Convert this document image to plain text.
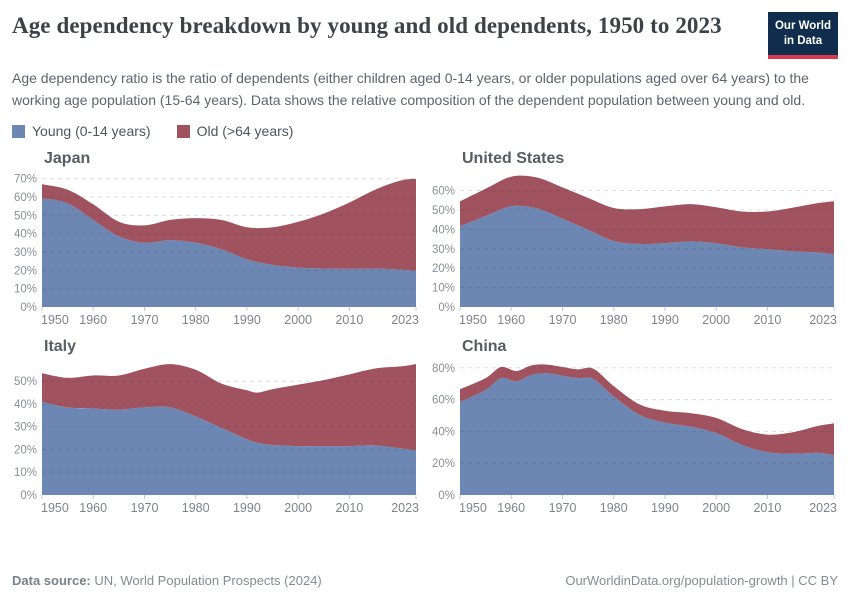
Age dependency breakdown by young and old dependents, 1950 to 2023	Our World
in Data

Age dependency ratio is the ratio of dependents (either children aged 0-14 years, or older populations aged over 64 years) to the working age population (15-64 years). Data shows the relative composition of the dependent population between young and old.

Young (0-14 years)	Old (>64 years)
Japan
0%
10%
20%
30%
40%
50%
60%
70%
1950 1960 1970 1980 1990 2000 2010 2023
United States
0%
10%
20%
30%
40%
50%
60%
1950 1960 1970 1980 1990 2000 2010 2023
Italy
0%
10%
20%
30%
40%
50%
1950 1960 1970 1980 1990 2000 2010 2023
China
0%
20%
40%
60%
80%
1950 1960 1970 1980 1990 2000 2010 2023
Data source: UN, World Population Prospects (2024)	OurWorldinData.org/population-growth | CC BY
